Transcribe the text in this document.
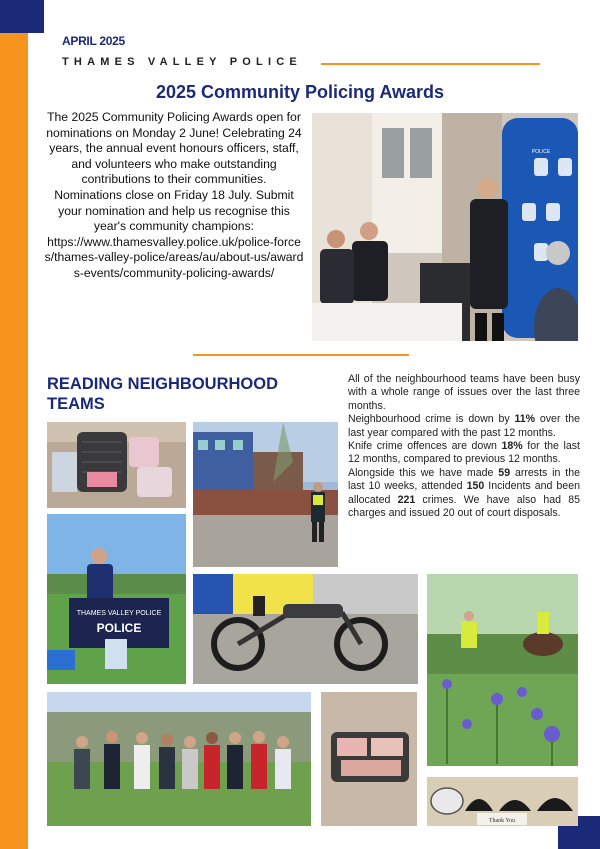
APRIL 2025
THAMES VALLEY POLICE
2025 Community Policing Awards

The 2025 Community Policing Awards open for nominations on Monday 2 June! Celebrating 24 years, the annual event honours officers, staff, and volunteers who make outstanding contributions to their communities.

Nominations close on Friday 18 July. Submit your nomination and help us recognise this year's community champions:

https://www.thamesvalley.police.uk/police-forces/thames-valley-police/areas/au/about-us/awards-events/community-policing-awards/

POLICE
READING NEIGHBOURHOOD TEAMS

All of the neighbourhood teams have been busy with a whole range of issues over the last three months.

Neighbourhood crime is down by 11% over the last year compared with the past 12 months.

Knife crime offences are down 18% for the last 12 months, compared to previous 12 months.

Alongside this we have made 59 arrests in the last 10 weeks, attended 150 Incidents and been allocated 221 crimes. We have also had 85 charges and issued 20 out of court disposals.

THAMES VALLEY POLICE
POLICE
Thank You
